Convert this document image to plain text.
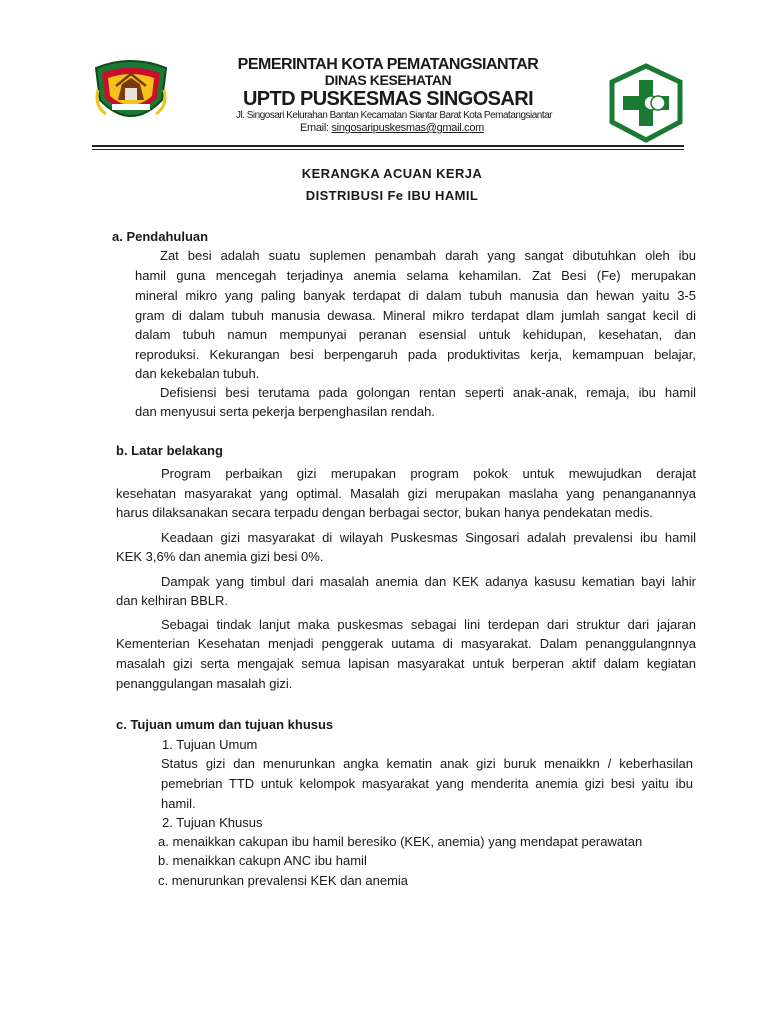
PEMERINTAH KOTA PEMATANGSIANTAR
DINAS KESEHATAN
UPTD PUSKESMAS SINGOSARI
Jl. Singosari Kelurahan Bantan Kecamatan Siantar Barat Kota Pematangsiantar
Email: singosaripuskesmas@gmail.com
KERANGKA ACUAN KERJA
DISTRIBUSI Fe IBU HAMIL
a. Pendahuluan
Zat besi adalah suatu suplemen penambah darah yang sangat dibutuhkan oleh ibu
hamil guna mencegah terjadinya anemia selama kehamilan. Zat Besi (Fe) merupakan
mineral mikro yang paling banyak terdapat di dalam tubuh manusia dan hewan yaitu 3-5
gram di dalam tubuh manusia dewasa. Mineral mikro terdapat dlam jumlah sangat kecil di
dalam tubuh namun mempunyai peranan esensial untuk kehidupan, kesehatan, dan
reproduksi. Kekurangan besi berpengaruh pada produktivitas kerja, kemampuan belajar,
dan kekebalan tubuh.
Defisiensi besi terutama pada golongan rentan seperti anak-anak, remaja, ibu hamil
dan menyusui serta pekerja berpenghasilan rendah.
b. Latar belakang
Program perbaikan gizi merupakan program pokok untuk mewujudkan derajat
kesehatan masyarakat yang optimal. Masalah gizi merupakan maslaha yang penanganannya
harus dilaksanakan secara terpadu dengan berbagai sector, bukan hanya pendekatan medis.
Keadaan gizi masyarakat di wilayah Puskesmas Singosari adalah prevalensi ibu hamil
KEK 3,6% dan anemia gizi besi 0%.
Dampak yang timbul dari masalah anemia dan KEK adanya kasusu kematian bayi lahir
dan kelhiran BBLR.
Sebagai tindak lanjut maka puskesmas sebagai lini terdepan dari struktur dari jajaran
Kementerian Kesehatan menjadi penggerak uutama di masyarakat. Dalam penanggulangnnya
masalah gizi serta mengajak semua lapisan masyarakat untuk berperan aktif dalam kegiatan
penanggulangan masalah gizi.
c. Tujuan umum dan tujuan khusus
1. Tujuan Umum
Status gizi dan menurunkan angka kematin anak gizi buruk menaikkn / keberhasilan
pemebrian TTD untuk kelompok masyarakat yang menderita anemia gizi besi yaitu ibu
hamil.
2. Tujuan Khusus
a. menaikkan cakupan ibu hamil beresiko (KEK, anemia) yang mendapat perawatan
b. menaikkan cakupn ANC ibu hamil
c. menurunkan prevalensi KEK dan anemia
